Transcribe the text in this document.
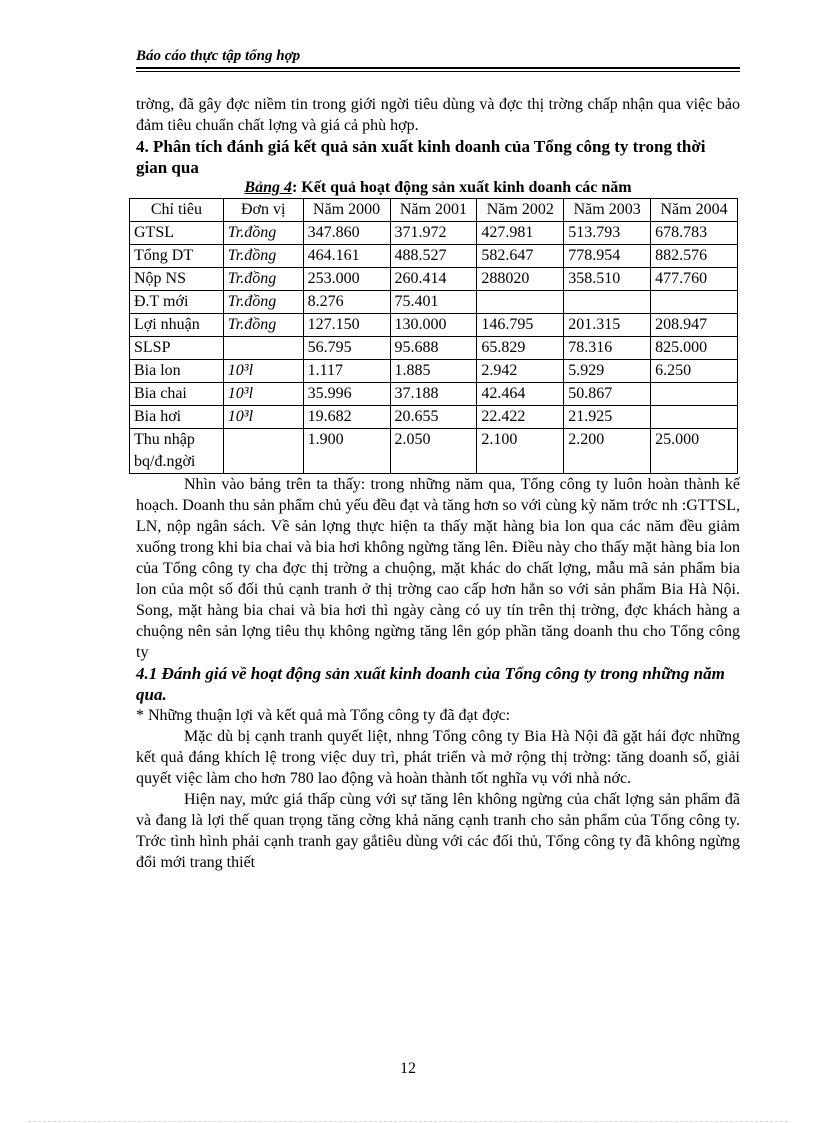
Báo cáo thực tập tổng hợp

trờng, đã gây đợc niềm tin trong giới ngời tiêu dùng và đợc thị trờng chấp nhận qua việc bảo đảm tiêu chuẩn chất lợng và giá cả phù hợp.

4. Phân tích đánh giá kết quả sản xuất kinh doanh của Tổng công ty trong thời gian qua

Bảng 4: Kết quả hoạt động sản xuất kinh doanh các năm

Chỉ tiêu	Đơn vị	Năm 2000	Năm 2001	Năm 2002	Năm 2003	Năm 2004
GTSL	Tr.đồng	347.860	371.972	427.981	513.793	678.783
Tổng DT	Tr.đồng	464.161	488.527	582.647	778.954	882.576
Nộp NS	Tr.đồng	253.000	260.414	288020	358.510	477.760
Đ.T mới	Tr.đồng	8.276	75.401			
Lợi nhuận	Tr.đồng	127.150	130.000	146.795	201.315	208.947
SLSP		56.795	95.688	65.829	78.316	825.000
Bia lon	10³l	1.117	1.885	2.942	5.929	6.250
Bia chai	10³l	35.996	37.188	42.464	50.867	
Bia hơi	10³l	19.682	20.655	22.422	21.925	
Thu nhập bq/đ.ngời		1.900	2.050	2.100	2.200	25.000

Nhìn vào bảng trên ta thấy: trong những năm qua, Tổng công ty luôn hoàn thành kế hoạch. Doanh thu sản phẩm chủ yếu đều đạt và tăng hơn so với cùng kỳ năm trớc nh :GTTSL, LN, nộp ngân sách. Về sản lợng thực hiện ta thấy mặt hàng bia lon qua các năm đều giảm xuống trong khi bia chai và bia hơi không ngừng tăng lên. Điều này cho thấy mặt hàng bia lon của Tổng công ty cha đợc thị trờng a chuộng, mặt khác do chất lợng, mẫu mã sản phẩm bia lon của một số đối thủ cạnh tranh ở thị trờng cao cấp hơn hẳn so với sản phẩm Bia Hà Nội. Song, mặt hàng bia chai và bia hơi thì ngày càng có uy tín trên thị trờng, đợc khách hàng a chuộng nên sản lợng tiêu thụ không ngừng tăng lên góp phần tăng doanh thu cho Tổng công ty

4.1 Đánh giá về hoạt động sản xuất kinh doanh của Tổng công ty trong những năm qua.

* Những thuận lợi và kết quả mà Tổng công ty đã đạt đợc:

Mặc dù bị cạnh tranh quyết liệt, nhng Tổng công ty Bia Hà Nội đã gặt hái đợc những kết quả đáng khích lệ trong việc duy trì, phát triển và mở rộng thị trờng: tăng doanh số, giải quyết việc làm cho hơn 780 lao động và hoàn thành tốt nghĩa vụ với nhà nớc.

Hiện nay, mức giá thấp cùng với sự tăng lên không ngừng của chất lợng sản phẩm đã và đang là lợi thế quan trọng tăng cờng khả năng cạnh tranh cho sản phẩm của Tổng công ty. Trớc tình hình phải cạnh tranh gay gắtiêu dùng với các đối thủ, Tổng công ty đã không ngừng đổi mới trang thiết

12
